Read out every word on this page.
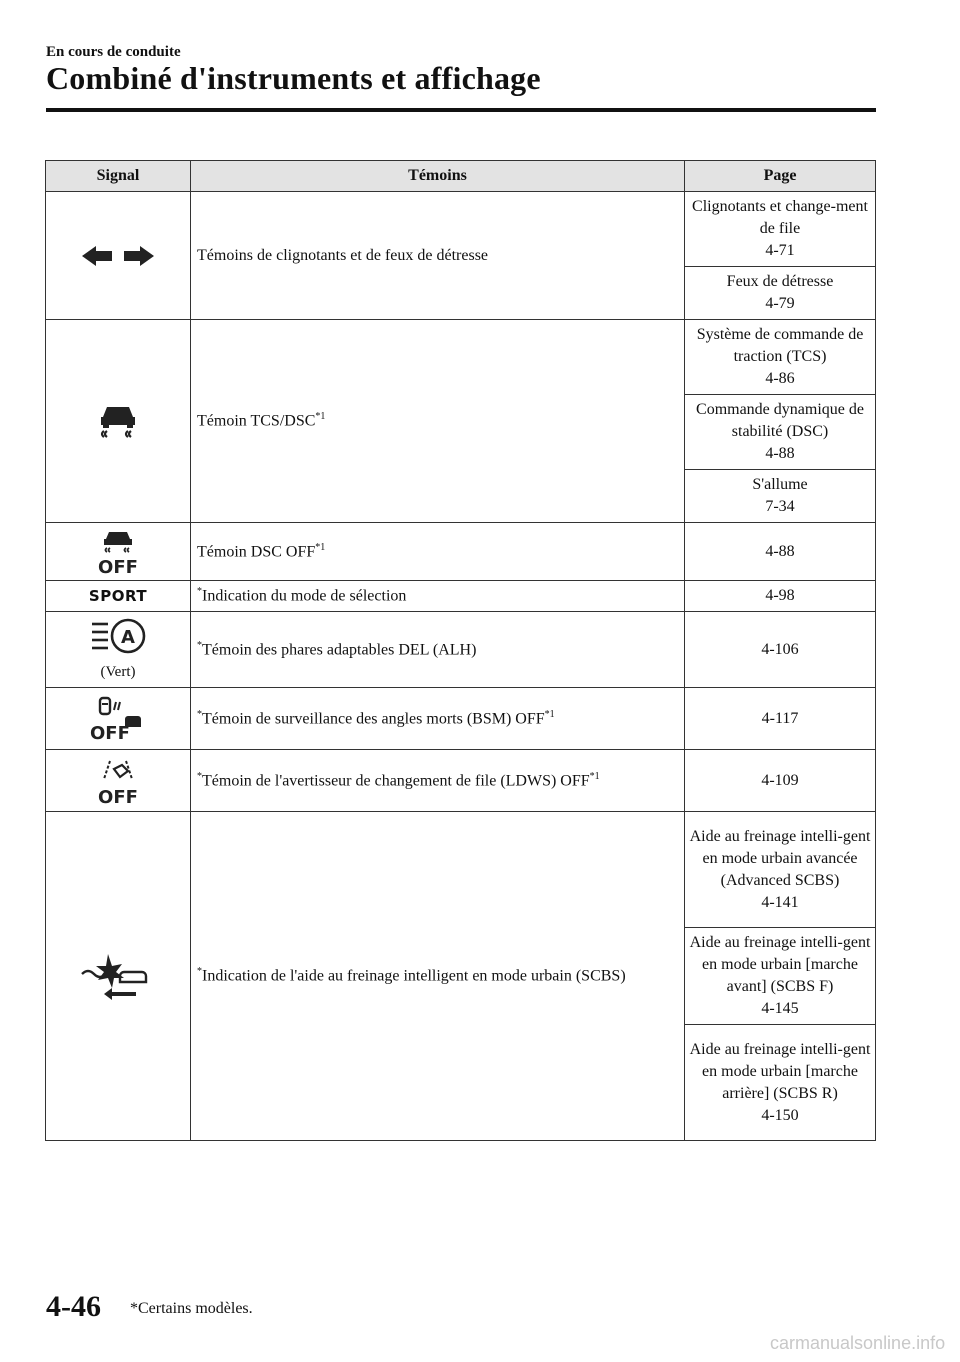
En cours de conduite
Combiné d'instruments et affichage
Signal	Témoins	Page

	Témoins de clignotants et de feux de détresse	Clignotants et change-ment de file
4-71
		Feux de détresse
4-79

	Témoin TCS/DSC$^{*1}$	Système de commande de traction (TCS)
4-86
		Commande dynamique de stabilité (DSC)
4-88
		S'allume
7-34

OFF	Témoin DSC OFF$^{*1}$	4-88
SPORT	*Indication du mode de sélection	4-98

A
(Vert)	*Témoin des phares adaptables DEL (ALH)	4-106

OFF	*Témoin de surveillance des angles morts (BSM) OFF$^{*1}$	4-117

OFF	*Témoin de l'avertisseur de changement de file (LDWS) OFF$^{*1}$	4-109

	*Indication de l'aide au freinage intelligent en mode urbain (SCBS)	Aide au freinage intelli-gent en mode urbain avancée (Advanced SCBS)
4-141
		Aide au freinage intelli-gent en mode urbain [marche avant] (SCBS F)
4-145
		Aide au freinage intelli-gent en mode urbain [marche arrière] (SCBS R)
4-150
4-46 *Certains modèles.
carmanualsonline.info
